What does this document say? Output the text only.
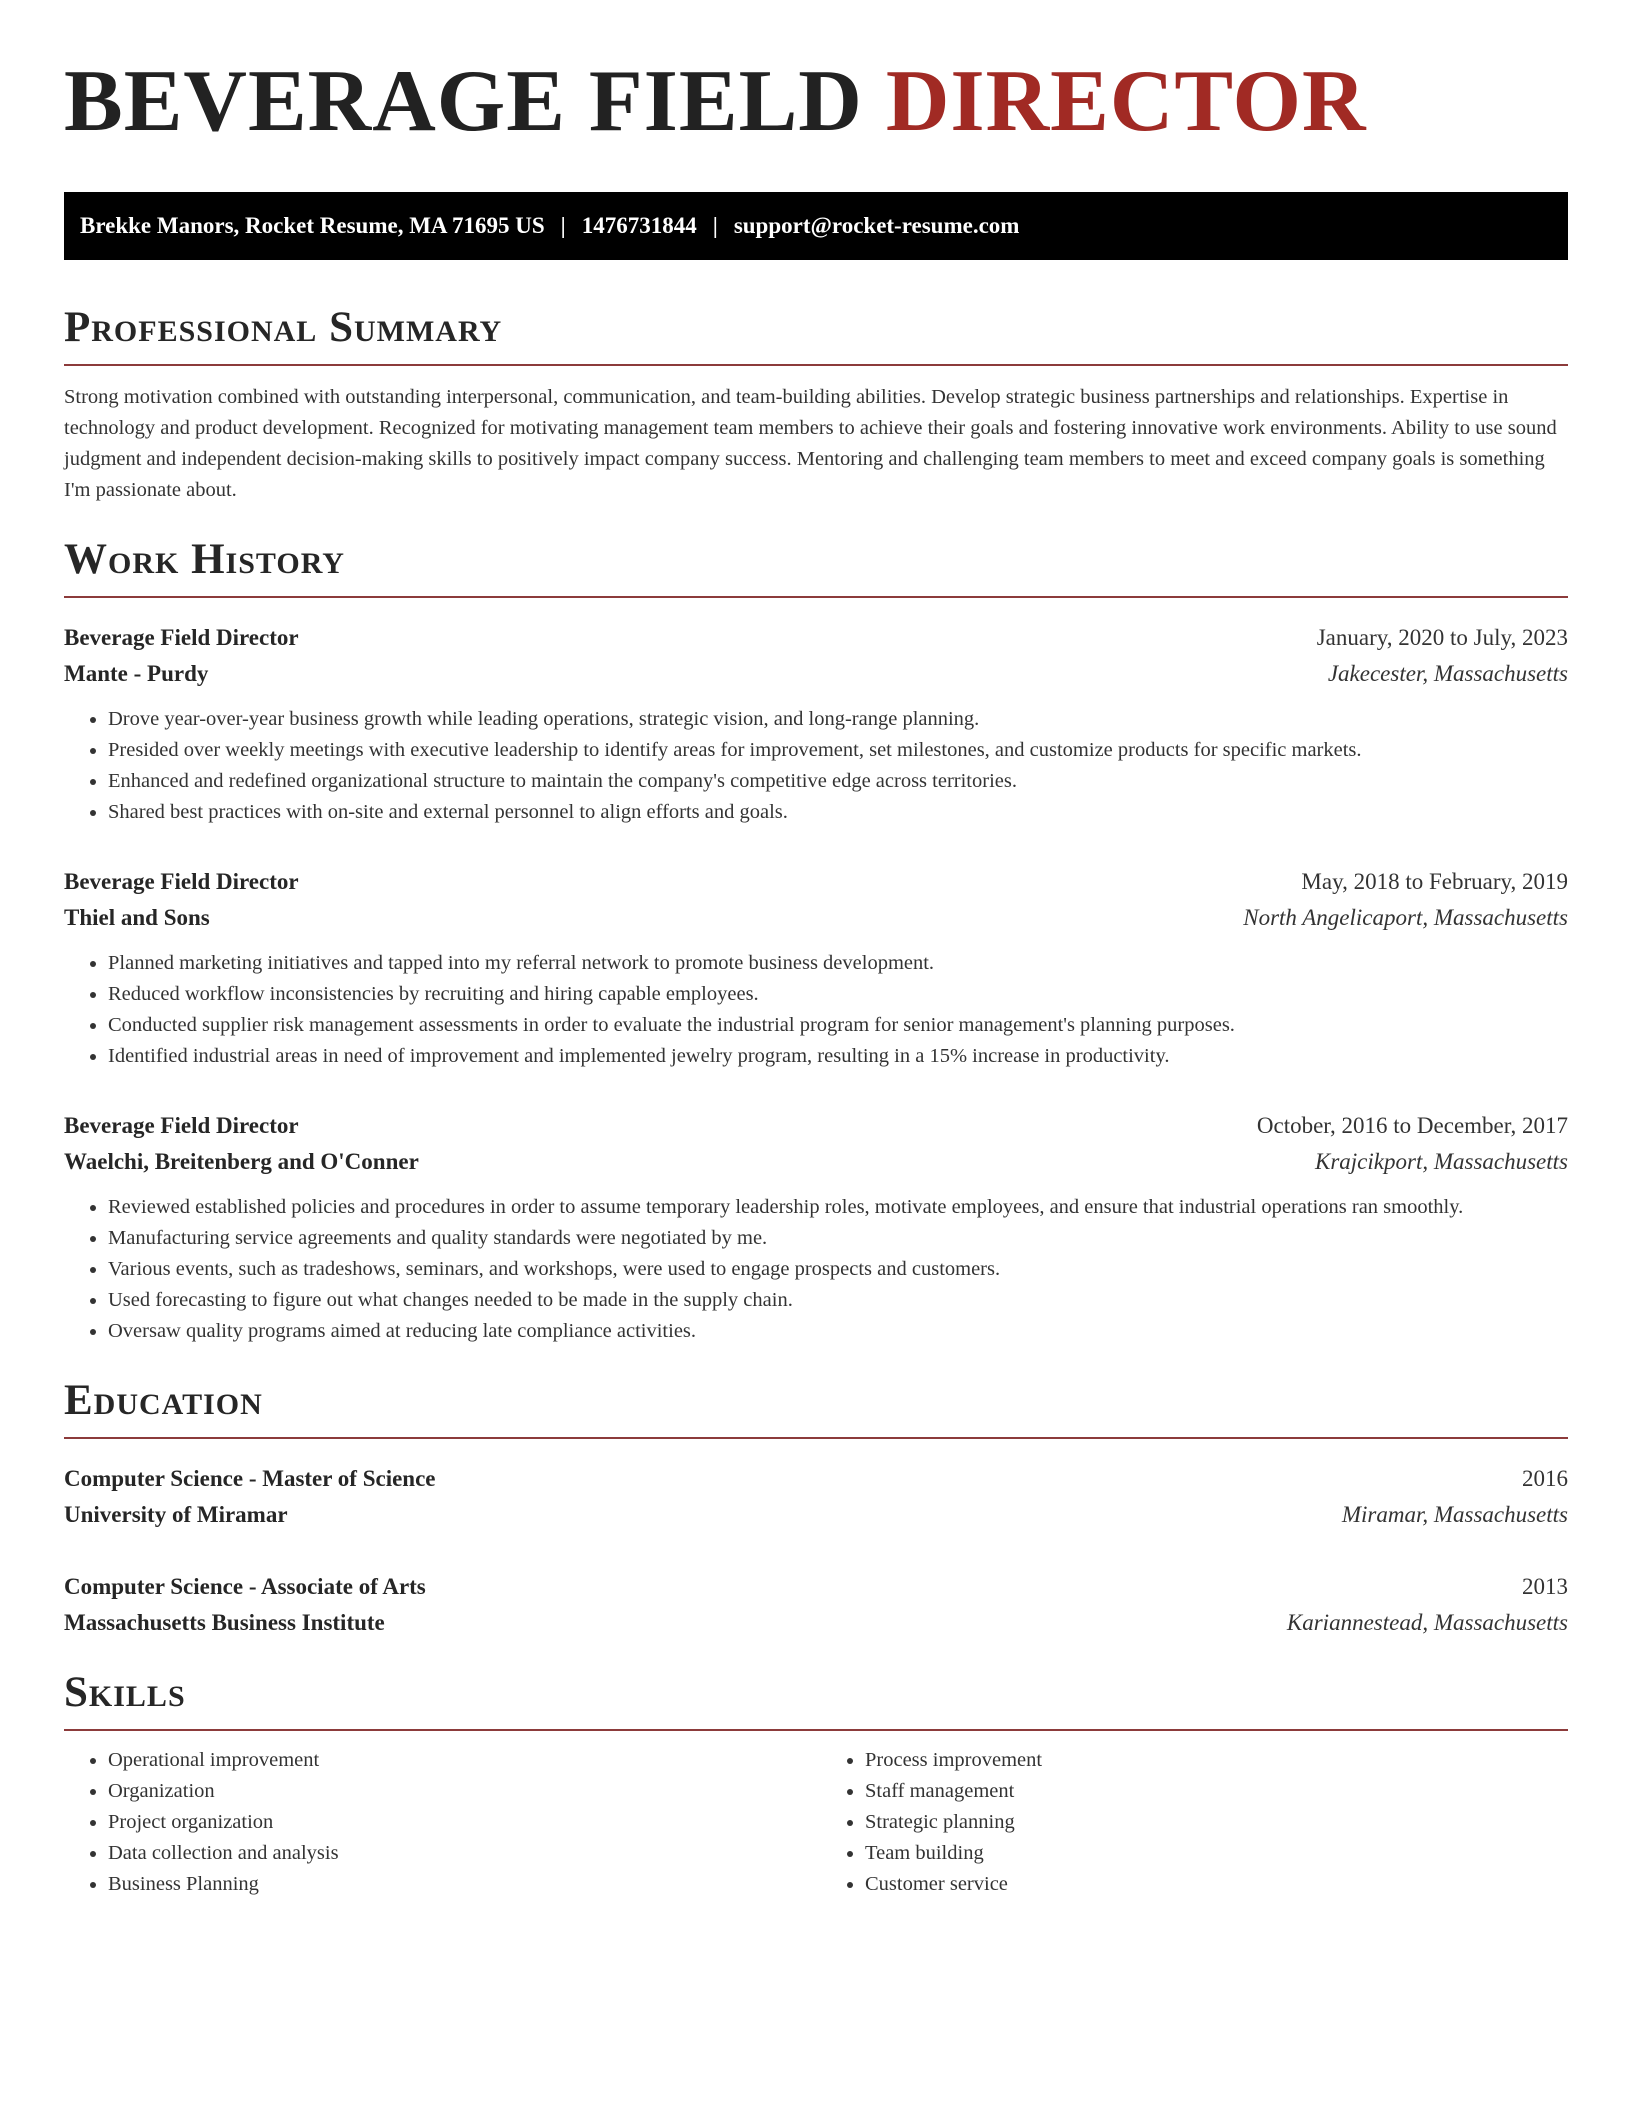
BEVERAGE FIELD DIRECTOR
Brekke Manors, Rocket Resume, MA 71695 US | 1476731844 | support@rocket-resume.com
Professional Summary

Strong motivation combined with outstanding interpersonal, communication, and team-building abilities. Develop strategic business partnerships and relationships. Expertise in technology and product development. Recognized for motivating management team members to achieve their goals and fostering innovative work environments. Ability to use sound judgment and independent decision-making skills to positively impact company success. Mentoring and challenging team members to meet and exceed company goals is something I'm passionate about.

Work History
Beverage Field Director	January, 2020 to July, 2023
Mante - Purdy	Jakecester, Massachusetts
• Drove year-over-year business growth while leading operations, strategic vision, and long-range planning.
• Presided over weekly meetings with executive leadership to identify areas for improvement, set milestones, and customize products for specific markets.
• Enhanced and redefined organizational structure to maintain the company's competitive edge across territories.
• Shared best practices with on-site and external personnel to align efforts and goals.
Beverage Field Director	May, 2018 to February, 2019
Thiel and Sons	North Angelicaport, Massachusetts
• Planned marketing initiatives and tapped into my referral network to promote business development.
• Reduced workflow inconsistencies by recruiting and hiring capable employees.
• Conducted supplier risk management assessments in order to evaluate the industrial program for senior management's planning purposes.
• Identified industrial areas in need of improvement and implemented jewelry program, resulting in a 15% increase in productivity.
Beverage Field Director	October, 2016 to December, 2017
Waelchi, Breitenberg and O'Conner	Krajcikport, Massachusetts
• Reviewed established policies and procedures in order to assume temporary leadership roles, motivate employees, and ensure that industrial operations ran smoothly.
• Manufacturing service agreements and quality standards were negotiated by me.
• Various events, such as tradeshows, seminars, and workshops, were used to engage prospects and customers.
• Used forecasting to figure out what changes needed to be made in the supply chain.
• Oversaw quality programs aimed at reducing late compliance activities.
Education
Computer Science - Master of Science	2016
University of Miramar	Miramar, Massachusetts
Computer Science - Associate of Arts	2013
Massachusetts Business Institute	Kariannestead, Massachusetts
Skills
• Operational improvement
• Organization
• Project organization
• Data collection and analysis
• Business Planning
• Process improvement
• Staff management
• Strategic planning
• Team building
• Customer service
